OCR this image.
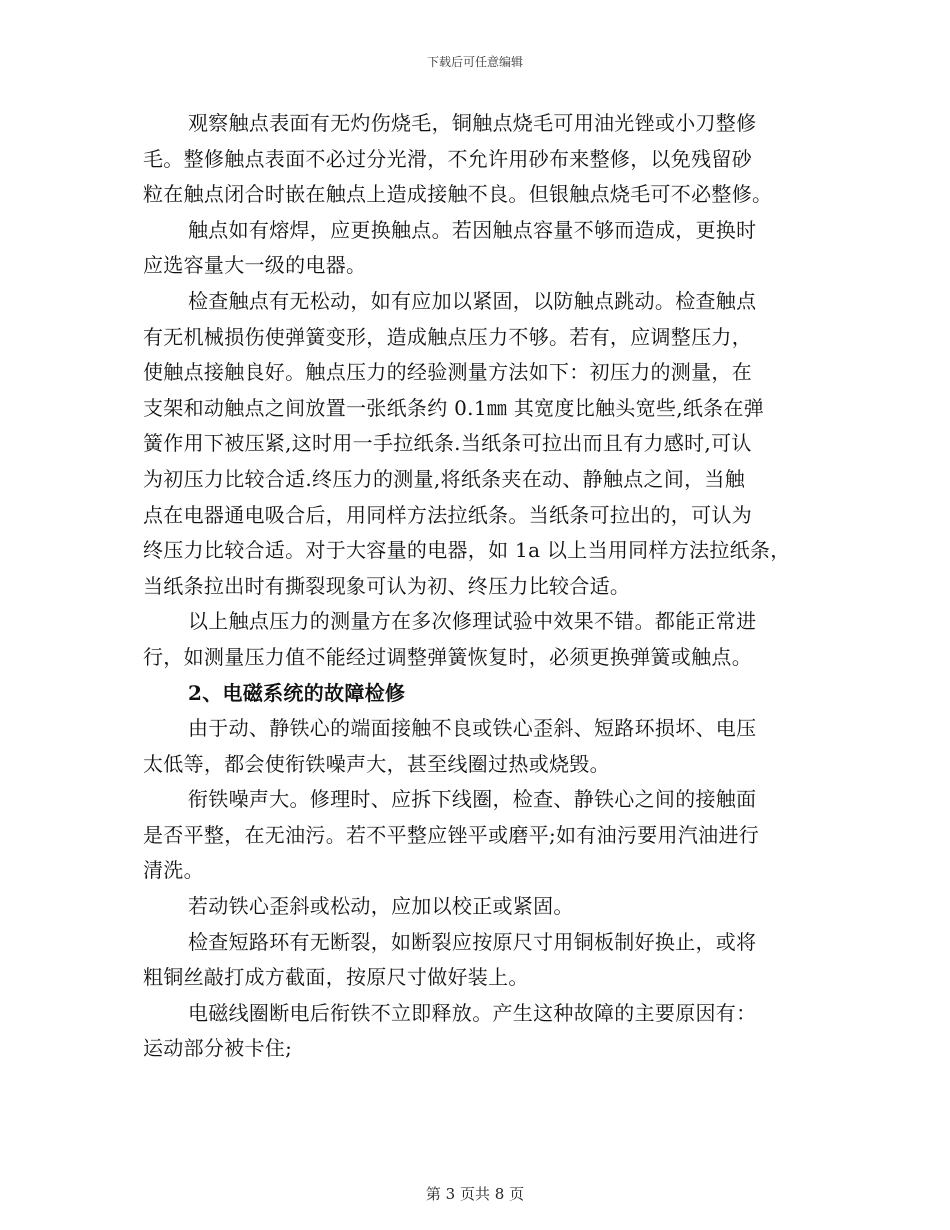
下载后可任意编辑
观察触点表面有无灼伤烧毛，铜触点烧毛可用油光锉或小刀整修
毛。整修触点表面不必过分光滑，不允许用砂布来整修，以免残留砂
粒在触点闭合时嵌在触点上造成接触不良。但银触点烧毛可不必整修。
触点如有熔焊，应更换触点。若因触点容量不够而造成，更换时
应选容量大一级的电器。
检查触点有无松动，如有应加以紧固，以防触点跳动。检查触点
有无机械损伤使弹簧变形，造成触点压力不够。若有，应调整压力，
使触点接触良好。触点压力的经验测量方法如下：初压力的测量，在
支架和动触点之间放置一张纸条约 0.1㎜ 其宽度比触头宽些,纸条在弹
簧作用下被压紧,这时用一手拉纸条.当纸条可拉出而且有力感时,可认
为初压力比较合适.终压力的测量,将纸条夹在动、静触点之间，当触
点在电器通电吸合后，用同样方法拉纸条。当纸条可拉出的，可认为
终压力比较合适。对于大容量的电器，如 1a 以上当用同样方法拉纸条，
当纸条拉出时有撕裂现象可认为初、终压力比较合适。
以上触点压力的测量方在多次修理试验中效果不错。都能正常进
行，如测量压力值不能经过调整弹簧恢复时，必须更换弹簧或触点。
2、电磁系统的故障检修
由于动、静铁心的端面接触不良或铁心歪斜、短路环损坏、电压
太低等，都会使衔铁噪声大，甚至线圈过热或烧毁。
衔铁噪声大。修理时、应拆下线圈，检查、静铁心之间的接触面
是否平整，在无油污。若不平整应锉平或磨平;如有油污要用汽油进行
清洗。
若动铁心歪斜或松动，应加以校正或紧固。
检查短路环有无断裂，如断裂应按原尺寸用铜板制好换止，或将
粗铜丝敲打成方截面，按原尺寸做好装上。
电磁线圈断电后衔铁不立即释放。产生这种故障的主要原因有：
运动部分被卡住;
第 3 页共 8 页
